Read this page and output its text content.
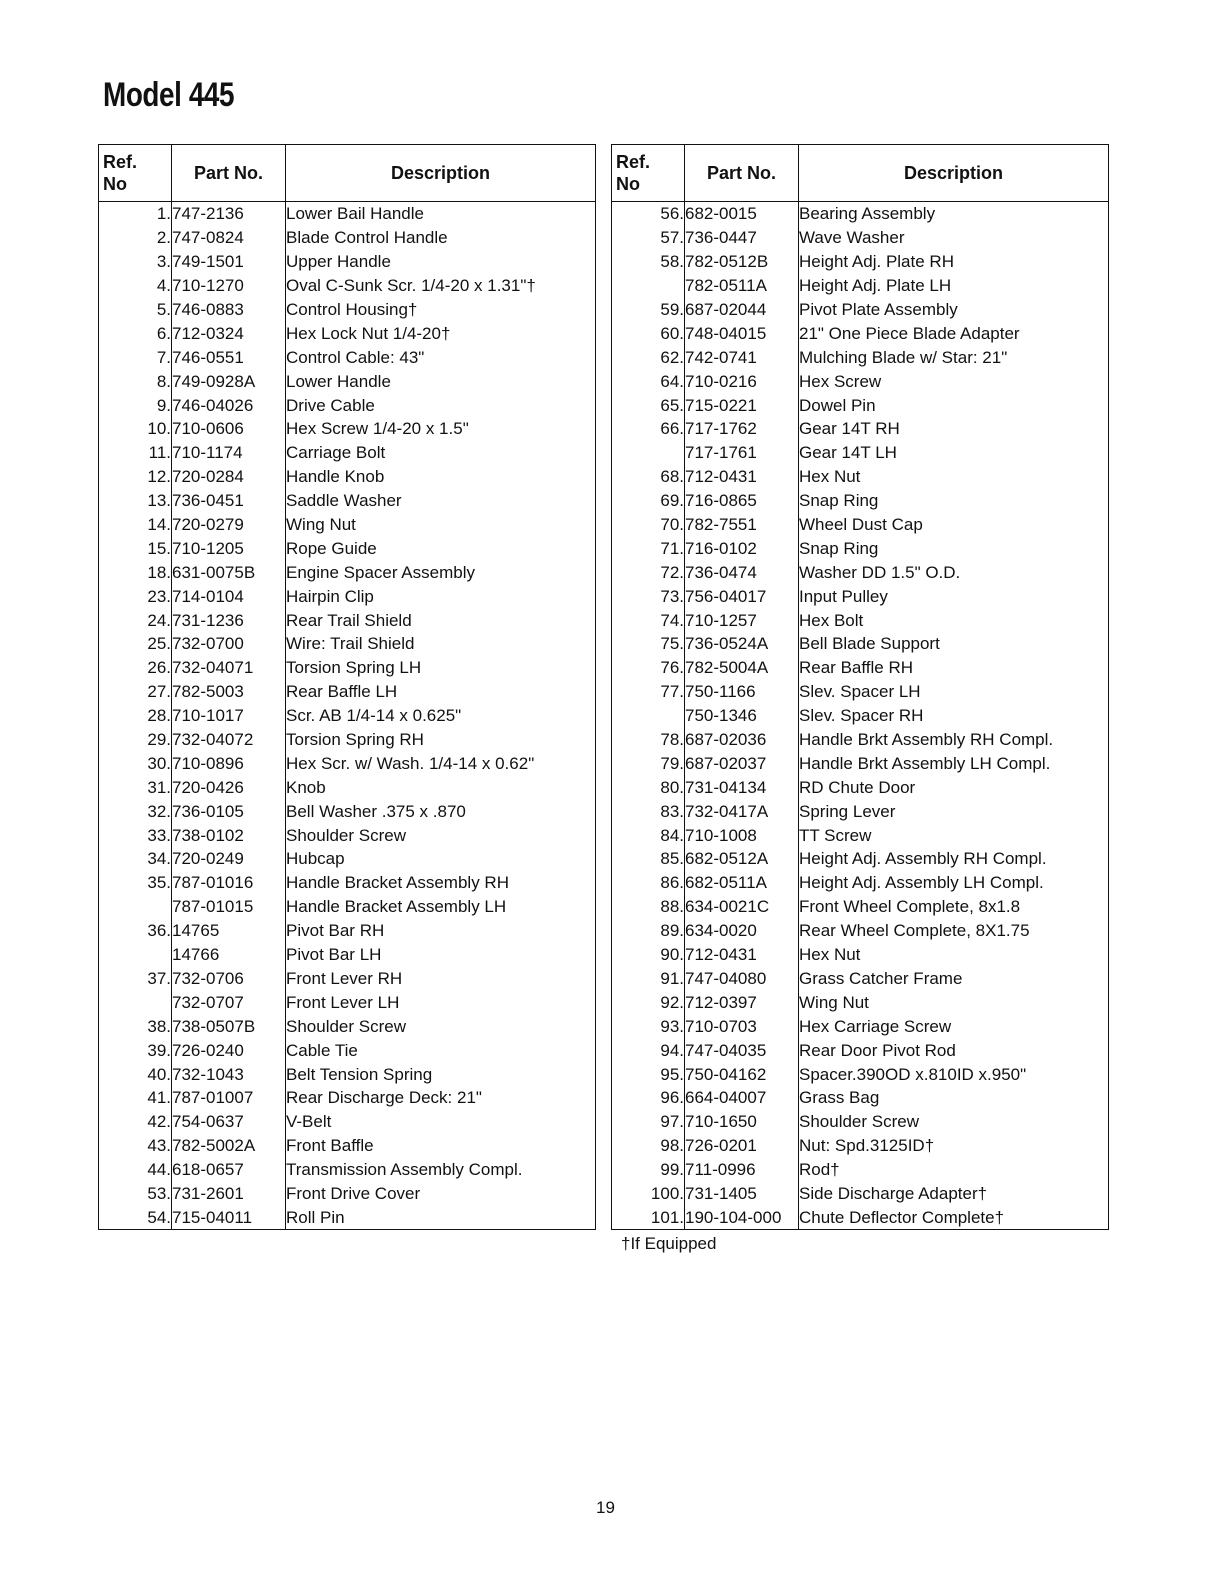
Model 445
Ref.
No	Part No.	Description
1.	747-2136	Lower Bail Handle
2.	747-0824	Blade Control Handle
3.	749-1501	Upper Handle
4.	710-1270	Oval C-Sunk Scr. 1/4-20 x 1.31"†
5.	746-0883	Control Housing†
6.	712-0324	Hex Lock Nut 1/4-20†
7.	746-0551	Control Cable: 43"
8.	749-0928A	Lower Handle
9.	746-04026	Drive Cable
10.	710-0606	Hex Screw 1/4-20 x 1.5"
11.	710-1174	Carriage Bolt
12.	720-0284	Handle Knob
13.	736-0451	Saddle Washer
14.	720-0279	Wing Nut
15.	710-1205	Rope Guide
18.	631-0075B	Engine Spacer Assembly
23.	714-0104	Hairpin Clip
24.	731-1236	Rear Trail Shield
25.	732-0700	Wire: Trail Shield
26.	732-04071	Torsion Spring LH
27.	782-5003	Rear Baffle LH
28.	710-1017	Scr. AB 1/4-14 x 0.625"
29.	732-04072	Torsion Spring RH
30.	710-0896	Hex Scr. w/ Wash. 1/4-14 x 0.62"
31.	720-0426	Knob
32.	736-0105	Bell Washer .375 x .870
33.	738-0102	Shoulder Screw
34.	720-0249	Hubcap
35.	787-01016	Handle Bracket Assembly RH
	787-01015	Handle Bracket Assembly LH
36.	14765	Pivot Bar RH
	14766	Pivot Bar LH
37.	732-0706	Front Lever RH
	732-0707	Front Lever LH
38.	738-0507B	Shoulder Screw
39.	726-0240	Cable Tie
40.	732-1043	Belt Tension Spring
41.	787-01007	Rear Discharge Deck: 21"
42.	754-0637	V-Belt
43.	782-5002A	Front Baffle
44.	618-0657	Transmission Assembly Compl.
53.	731-2601	Front Drive Cover
54.	715-04011	Roll Pin
Ref.
No	Part No.	Description
56.	682-0015	Bearing Assembly
57.	736-0447	Wave Washer
58.	782-0512B	Height Adj. Plate RH
	782-0511A	Height Adj. Plate LH
59.	687-02044	Pivot Plate Assembly
60.	748-04015	21" One Piece Blade Adapter
62.	742-0741	Mulching Blade w/ Star: 21"
64.	710-0216	Hex Screw
65.	715-0221	Dowel Pin
66.	717-1762	Gear 14T RH
	717-1761	Gear 14T LH
68.	712-0431	Hex Nut
69.	716-0865	Snap Ring
70.	782-7551	Wheel Dust Cap
71.	716-0102	Snap Ring
72.	736-0474	Washer DD 1.5" O.D.
73.	756-04017	Input Pulley
74.	710-1257	Hex Bolt
75.	736-0524A	Bell Blade Support
76.	782-5004A	Rear Baffle RH
77.	750-1166	Slev. Spacer LH
	750-1346	Slev. Spacer RH
78.	687-02036	Handle Brkt Assembly RH Compl.
79.	687-02037	Handle Brkt Assembly LH Compl.
80.	731-04134	RD Chute Door
83.	732-0417A	Spring Lever
84.	710-1008	TT Screw
85.	682-0512A	Height Adj. Assembly RH Compl.
86.	682-0511A	Height Adj. Assembly LH Compl.
88.	634-0021C	Front Wheel Complete, 8x1.8
89.	634-0020	Rear Wheel Complete, 8X1.75
90.	712-0431	Hex Nut
91.	747-04080	Grass Catcher Frame
92.	712-0397	Wing Nut
93.	710-0703	Hex Carriage Screw
94.	747-04035	Rear Door Pivot Rod
95.	750-04162	Spacer.390OD x.810ID x.950"
96.	664-04007	Grass Bag
97.	710-1650	Shoulder Screw
98.	726-0201	Nut: Spd.3125ID†
99.	711-0996	Rod†
100.	731-1405	Side Discharge Adapter†
101.	190-104-000	Chute Deflector Complete†

†If Equipped

19
